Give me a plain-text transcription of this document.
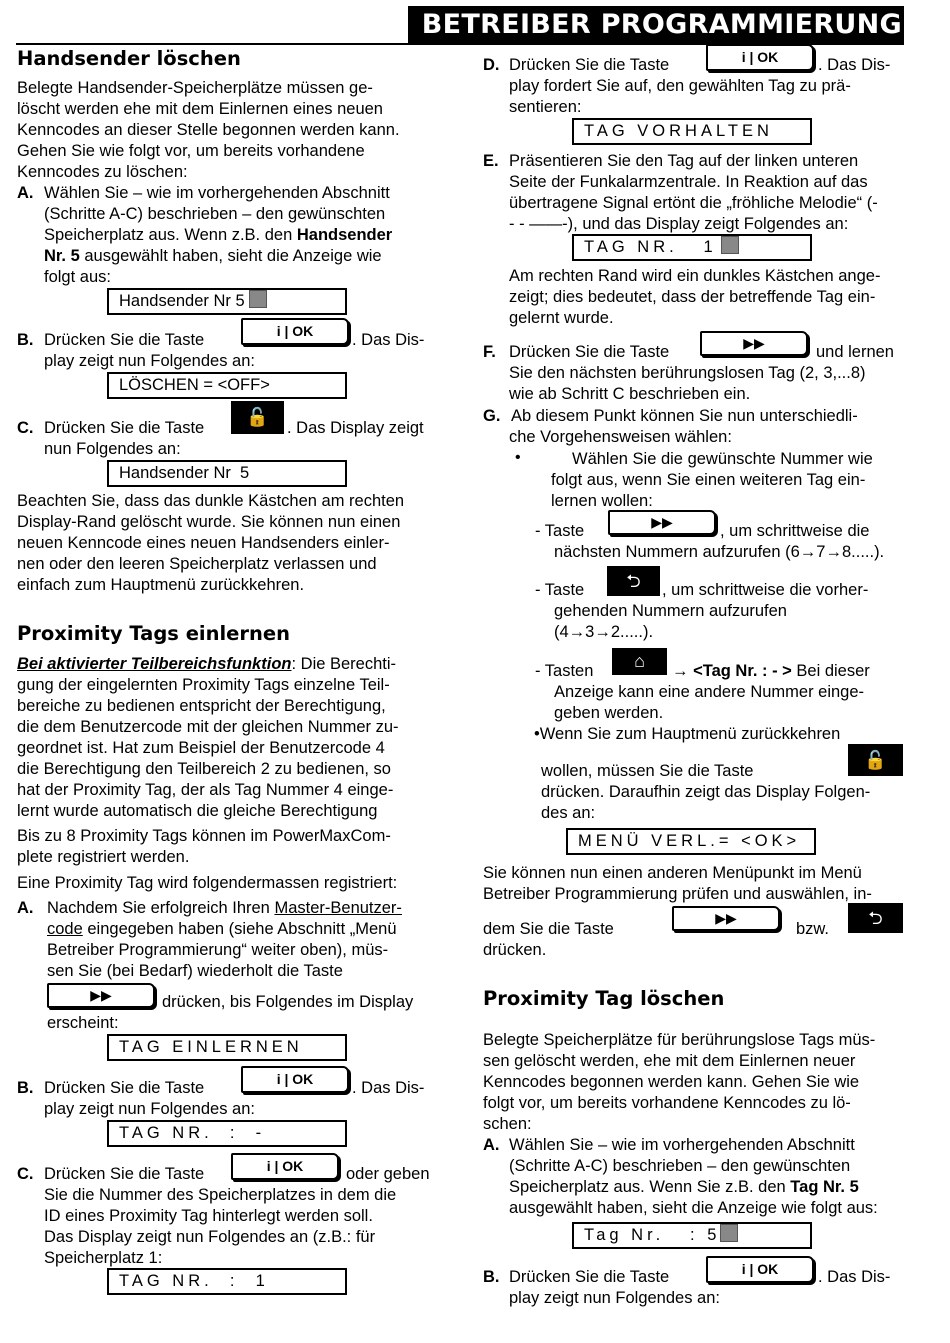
BETREIBER PROGRAMMIERUNG
Handsender löschen
Belegte Handsender-Speicherplätze müssen ge-
löscht werden ehe mit dem Einlernen eines neuen
Kenncodes an dieser Stelle begonnen werden kann.
Gehen Sie wie folgt vor, um bereits vorhandene
Kenncodes zu löschen:
A. Wählen Sie – wie im vorhergehenden Abschnitt
(Schritte A-C) beschrieben – den gewünschten
Speicherplatz aus. Wenn z.B. den Handsender
Nr. 5 ausgewählt haben, sieht die Anzeige wie
folgt aus:
Handsender Nr 5
B. Drücken Sie die Taste	i | OK	. Das Dis-
play zeigt nun Folgendes an:
LÖSCHEN = <OFF>
C. Drücken Sie die Taste
🔓
. Das Display zeigt
nun Folgendes an:
Handsender Nr  5
Beachten Sie, dass das dunkle Kästchen am rechten
Display-Rand gelöscht wurde. Sie können nun einen
neuen Kenncode eines neuen Handsenders einler-
nen oder den leeren Speicherplatz verlassen und
einfach zum Hauptmenü zurückkehren.
Proximity Tags einlernen
Bei aktivierter Teilbereichsfunktion: Die Berechti-
gung der eingelernten Proximity Tags einzelne Teil-
bereiche zu bedienen entspricht der Berechtigung,
die dem Benutzercode mit der gleichen Nummer zu-
geordnet ist. Hat zum Beispiel der Benutzercode 4
die Berechtigung den Teilbereich 2 zu bedienen, so
hat der Proximity Tag, der als Tag Nummer 4 einge-
lernt wurde automatisch die gleiche Berechtigung
Bis zu 8 Proximity Tags können im PowerMaxCom-
plete registriert werden.
Eine Proximity Tag wird folgendermassen registriert:
A. Nachdem Sie erfolgreich Ihren Master-Benutzer-
code eingegeben haben (siehe Abschnitt „Menü
Betreiber Programmierung“ weiter oben), müs-
sen Sie (bei Bedarf) wiederholt die Taste
▶▶	drücken, bis Folgendes im Display
erscheint:
TAG EINLERNEN
B. Drücken Sie die Taste	i | OK	. Das Dis-
play zeigt nun Folgendes an:
TAG NR.  :  -
C. Drücken Sie die Taste	i | OK	oder geben
Sie die Nummer des Speicherplatzes in dem die
ID eines Proximity Tag hinterlegt werden soll.
Das Display zeigt nun Folgendes an (z.B.: für
Speicherplatz 1:
TAG NR.  :  1
D. Drücken Sie die Taste	i | OK	. Das Dis-
play fordert Sie auf, den gewählten Tag zu prä-
sentieren:
TAG VORHALTEN
E. Präsentieren Sie den Tag auf der linken unteren
Seite der Funkalarmzentrale. In Reaktion auf das
übertragene Signal ertönt die „fröhliche Melodie“ (-
- - ——-), und das Display zeigt Folgendes an:
TAG NR.   1
Am rechten Rand wird ein dunkles Kästchen ange-
zeigt; dies bedeutet, dass der betreffende Tag ein-
gelernt wurde.
F. Drücken Sie die Taste	▶▶	und lernen
Sie den nächsten berührungslosen Tag (2, 3,...8)
wie ab Schritt C beschrieben ein.
G. Ab diesem Punkt können Sie nun unterschiedli-
che Vorgehensweisen wählen:
•	Wählen Sie die gewünschte Nummer wie
folgt aus, wenn Sie einen weiteren Tag ein-
lernen wollen:
- Taste	▶▶	, um schrittweise die
nächsten Nummern aufzurufen (6→7→8.....).
- Taste	⮌	, um schrittweise die vorher-
gehenden Nummern aufzurufen
(4→3→2.....).
- Tasten	⌂	→ <Tag Nr. : - > Bei dieser
Anzeige kann eine andere Nummer einge-
geben werden.
•Wenn Sie zum Hauptmenü zurückkehren
wollen, müssen Sie die Taste
🔓
drücken. Daraufhin zeigt das Display Folgen-
des an:
MENÜ VERL.= <OK>
Sie können nun einen anderen Menüpunkt im Menü
Betreiber Programmierung prüfen und auswählen, in-
dem Sie die Taste
▶▶
bzw.
⮌
drücken.
Proximity Tag löschen
Belegte Speicherplätze für berührungslose Tags müs-
sen gelöscht werden, ehe mit dem Einlernen neuer
Kenncodes begonnen werden kann. Gehen Sie wie
folgt vor, um bereits vorhandene Kenncodes zu lö-
schen:
A. Wählen Sie – wie im vorhergehenden Abschnitt
(Schritte A-C) beschrieben – den gewünschten
Speicherplatz aus. Wenn Sie z.B. den Tag Nr. 5
ausgewählt haben, sieht die Anzeige wie folgt aus:
Tag Nr.   : 5
B. Drücken Sie die Taste	i | OK	. Das Dis-
play zeigt nun Folgendes an:
